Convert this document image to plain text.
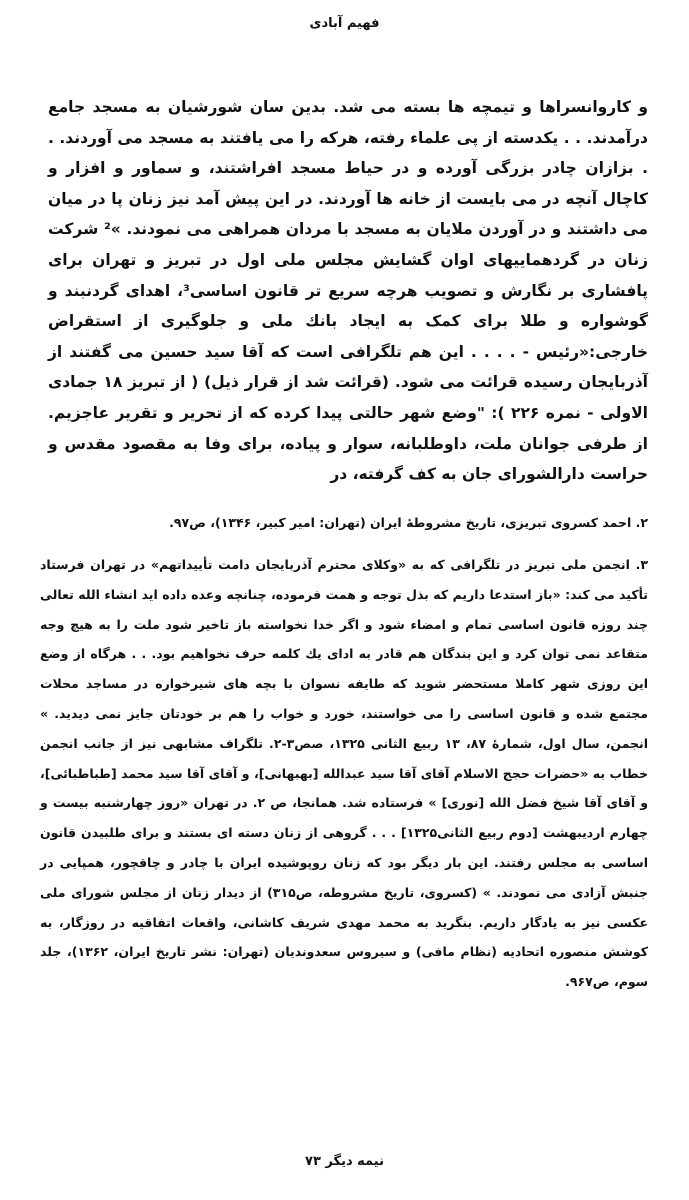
فهیم آبادی

و کاروانسراها و تیمچه ها بسته می شد. بدین سان شورشیان به مسجد جامع درآمدند. . . یکدسته از پی علماء رفته، هرکه را می یافتند به مسجد می آوردند. . . بزازان چادر بزرگی آورده و در حیاط مسجد افراشتند، و سماور و افزار و کاچال آنچه در می بایست از خانه ها آوردند. در این پیش آمد نیز زنان پا در میان می داشتند و در آوردن ملایان به مسجد با مردان همراهی می نمودند. »² شرکت زنان در گردهماییهای اوان گشایش مجلس ملی اول در تبریز و تهران برای پافشاری بر نگارش و تصویب هرچه سریع تر قانون اساسی³، اهدای گردنبند و گوشواره و طلا برای کمک به ایجاد بانك ملی و جلوگیری از استقراض خارجی:«رئیس - . . . . این هم تلگرافی است که آقا سید حسین می گفتند از آذربایجان رسیده قرائت می شود. (قرائت شد از قرار ذیل) ( از تبریز ١٨ جمادی الاولی - نمره ٢٢۶ ): "وضع شهر حالتی پیدا کرده که از تحریر و تقریر عاجزیم. از طرفی جوانان ملت، داوطلبانه، سوار و پیاده، برای وفا به مقصود مقدس و حراست دارالشورای جان به کف گرفته، در

٢. احمد کسروی تبریزی، تاریخ مشروطهٔ ایران (تهران: امیر کبیر، ١٣۴۶)، ص٩٧.

٣. انجمن ملی تبریز در تلگرافی که به «وکلای محترم آذربایجان دامت تأییداتهم» در تهران فرستاد تأکید می کند: «باز استدعا داریم که بذل توجه و همت فرموده، چنانچه وعده داده اید انشاء الله تعالی چند روزه قانون اساسی تمام و امضاء شود و اگر خدا نخواسته باز تاخیر شود ملت را به هیچ وجه متقاعد نمی توان کرد و این بندگان هم قادر به ادای یك کلمه حرف نخواهیم بود. . . هرگاه از وضع این روزی شهر کاملا مستحضر شوید که طایفه نسوان با بچه های شیرخواره در مساجد محلات مجتمع شده و قانون اساسی را می خواستند، خورد و خواب را هم بر خودتان جایز نمی دیدید. » انجمن، سال اول، شمارهٔ ٨٧، ١٣ ربیع الثانی ١٣٢۵، صص٣-٢. تلگراف مشابهی نیز از جانب انجمن خطاب به «حضرات حجج الاسلام آقای آقا سید عبدالله [بهبهانی]، و آقای آقا سید محمد [طباطبائی]، و آقای آقا شیخ فضل الله [نوری] » فرستاده شد. همانجا، ص ٢. در تهران «روز چهارشنبه بیست و چهارم اردیبهشت [دوم ربیع الثانی١٣٢۵] . . . گروهی از زنان دسته ای بستند و برای طلبیدن قانون اساسی به مجلس رفتند. این بار دیگر بود که زنان روپوشیده ایران با چادر و چاقچور، همپایی در جنبش آزادی می نمودند. » (کسروی، تاریخ مشروطه، ص٣١۵) از دیدار زنان از مجلس شورای ملی عکسی نیز به یادگار داریم. بنگرید به محمد مهدی شریف کاشانی، واقعات اتفاقیه در روزگار، به کوشش منصوره اتحادیه (نظام مافی) و سیروس سعدوندیان (تهران: نشر تاریخ ایران، ١٣۶٢)، جلد سوم، ص٩۶٧.

نیمه دیگر ٧٣
